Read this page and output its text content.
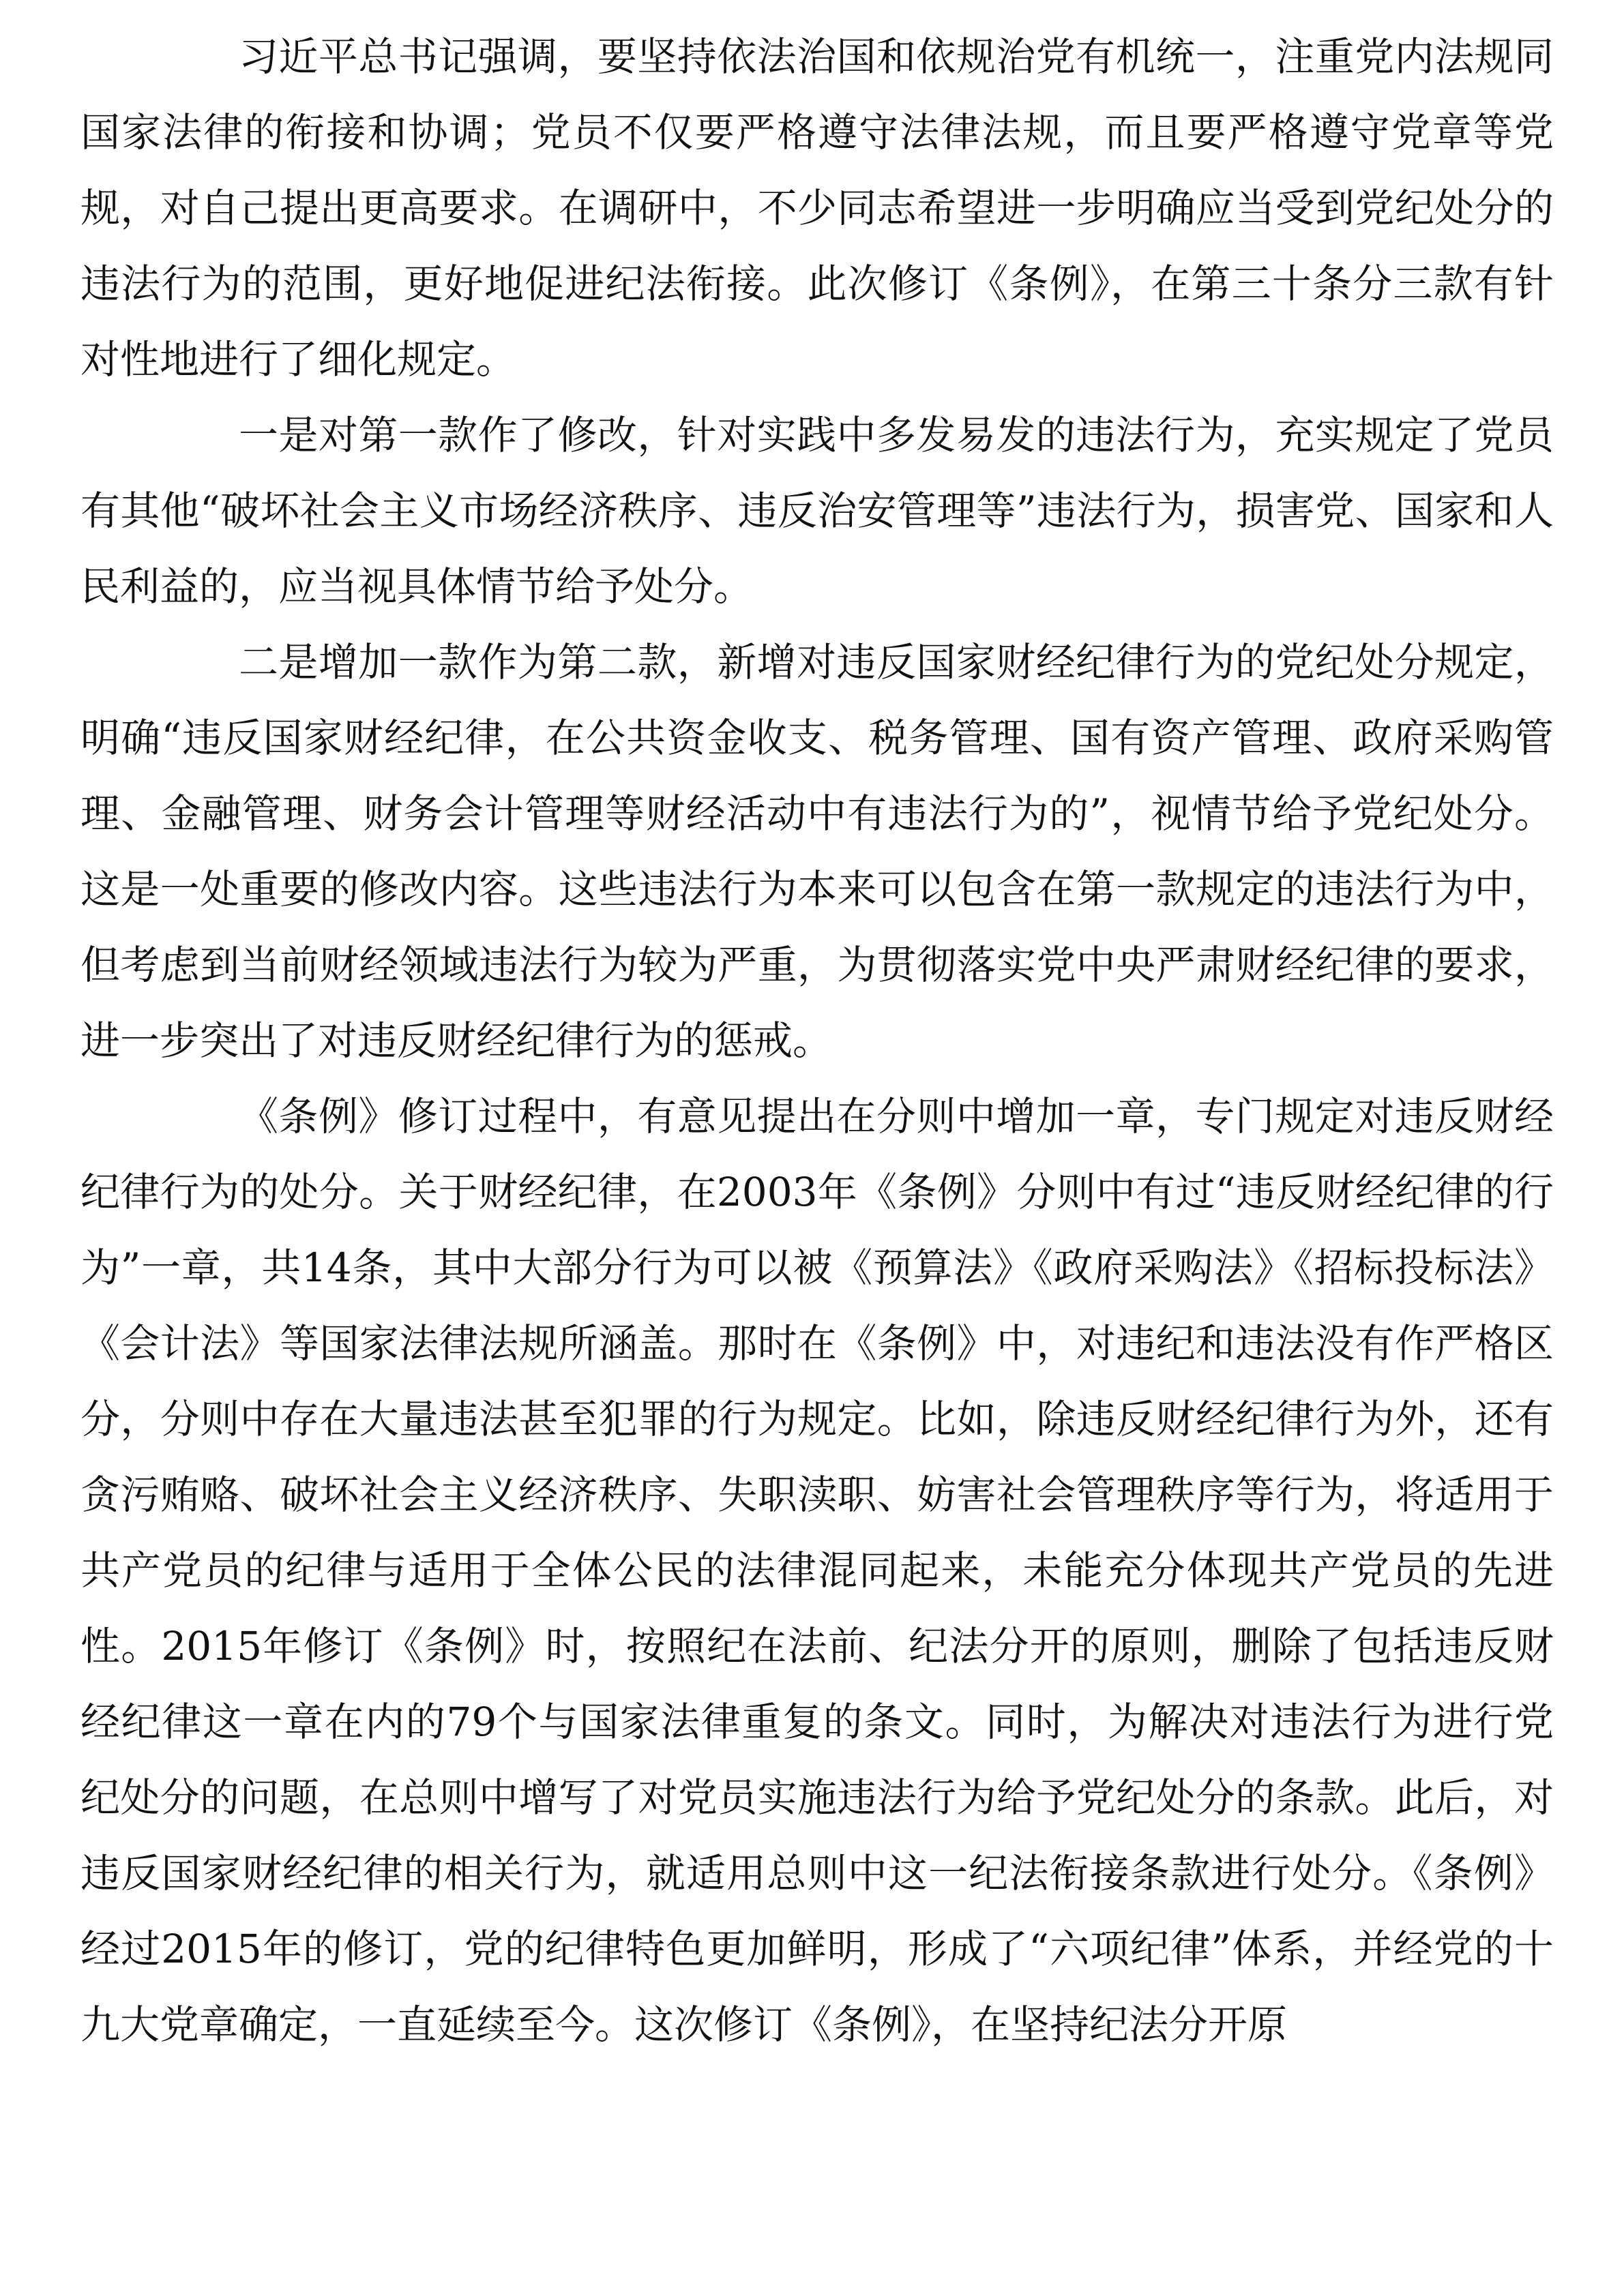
习近平总书记强调，要坚持依法治国和依规治党有机统一，注重党内法规同国家法律的衔接和协调；党员不仅要严格遵守法律法规，而且要严格遵守党章等党规，对自己提出更高要求。在调研中，不少同志希望进一步明确应当受到党纪处分的违法行为的范围，更好地促进纪法衔接。此次修订《条例》，在第三十条分三款有针对性地进行了细化规定。

一是对第一款作了修改，针对实践中多发易发的违法行为，充实规定了党员有其他“破坏社会主义市场经济秩序、违反治安管理等”违法行为，损害党、国家和人民利益的，应当视具体情节给予处分。

二是增加一款作为第二款，新增对违反国家财经纪律行为的党纪处分规定，明确“违反国家财经纪律，在公共资金收支、税务管理、国有资产管理、政府采购管理、金融管理、财务会计管理等财经活动中有违法行为的”，视情节给予党纪处分。这是一处重要的修改内容。这些违法行为本来可以包含在第一款规定的违法行为中，但考虑到当前财经领域违法行为较为严重，为贯彻落实党中央严肃财经纪律的要求，进一步突出了对违反财经纪律行为的惩戒。

《条例》修订过程中，有意见提出在分则中增加一章，专门规定对违反财经纪律行为的处分。关于财经纪律，在2003年《条例》分则中有过“违反财经纪律的行为”一章，共14条，其中大部分行为可以被《预算法》《政府采购法》《招标投标法》 《会计法》等国家法律法规所涵盖。那时在《条例》中，对违纪和违法没有作严格区分，分则中存在大量违法甚至犯罪的行为规定。比如，除违反财经纪律行为外，还有贪污贿赂、破坏社会主义经济秩序、失职渎职、妨害社会管理秩序等行为，将适用于共产党员的纪律与适用于全体公民的法律混同起来，未能充分体现共产党员的先进性。2015年修订《条例》时，按照纪在法前、纪法分开的原则，删除了包括违反财经纪律这一章在内的79个与国家法律重复的条文。同时，为解决对违法行为进行党纪处分的问题，在总则中增写了对党员实施违法行为给予党纪处分的条款。此后，对违反国家财经纪律的相关行为，就适用总则中这一纪法衔接条款进行处分。《条例》经过2015年的修订，党的纪律特色更加鲜明，形成了“六项纪律”体系，并经党的十九大党章确定，一直延续至今。这次修订《条例》，在坚持纪法分开原
